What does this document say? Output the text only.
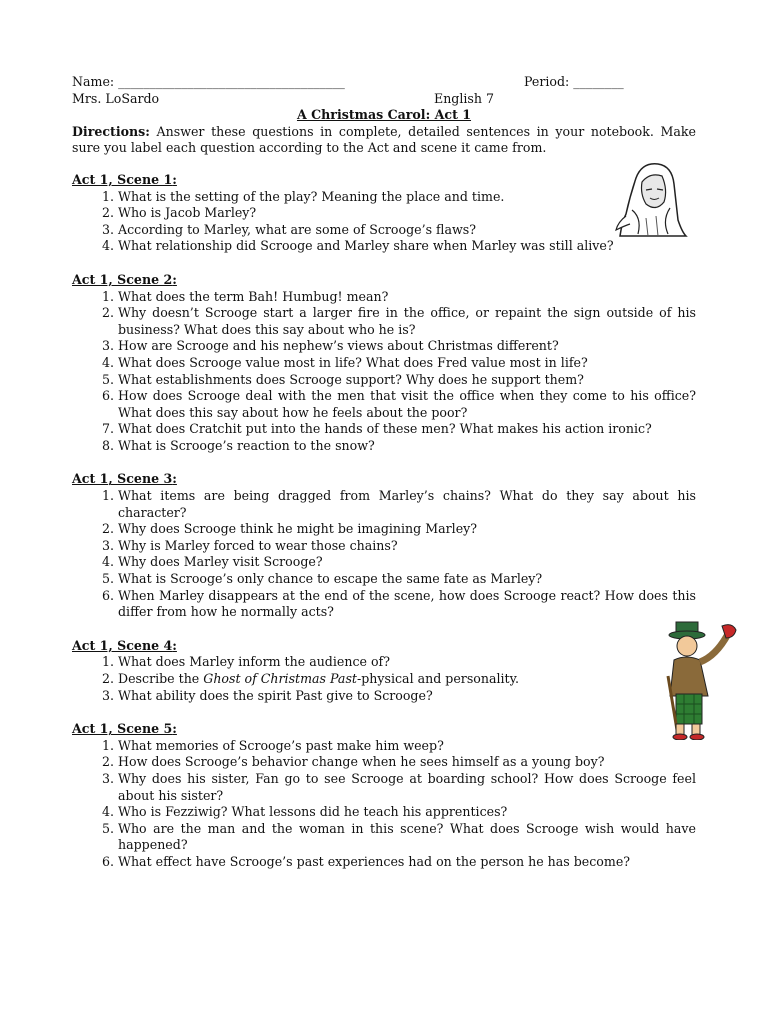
Name: ____________________________________	Period: ________
Mrs. LoSardo	English 7
A Christmas Carol: Act 1
Directions: Answer these questions in complete, detailed sentences in your notebook. Make sure you label each question according to the Act and scene it came from.
Act 1, Scene 1:
1. What is the setting of the play? Meaning the place and time.
2. Who is Jacob Marley?
3. According to Marley, what are some of Scrooge’s flaws?
4. What relationship did Scrooge and Marley share when Marley was still alive?
Act 1, Scene 2:
1. What does the term Bah! Humbug! mean?
2. Why doesn’t Scrooge start a larger fire in the office, or repaint the sign outside of his business? What does this say about who he is?
3. How are Scrooge and his nephew’s views about Christmas different?
4. What does Scrooge value most in life? What does Fred value most in life?
5. What establishments does Scrooge support? Why does he support them?
6. How does Scrooge deal with the men that visit the office when they come to his office? What does this say about how he feels about the poor?
7. What does Cratchit put into the hands of these men? What makes his action ironic?
8. What is Scrooge’s reaction to the snow?
Act 1, Scene 3:
1. What items are being dragged from Marley’s chains? What do they say about his character?
2. Why does Scrooge think he might be imagining Marley?
3. Why is Marley forced to wear those chains?
4. Why does Marley visit Scrooge?
5. What is Scrooge’s only chance to escape the same fate as Marley?
6. When Marley disappears at the end of the scene, how does Scrooge react? How does this differ from how he normally acts?
Act 1, Scene 4:
1. What does Marley inform the audience of?
2. Describe the Ghost of Christmas Past-physical and personality.
3. What ability does the spirit Past give to Scrooge?
Act 1, Scene 5:
1. What memories of Scrooge’s past make him weep?
2. How does Scrooge’s behavior change when he sees himself as a young boy?
3. Why does his sister, Fan go to see Scrooge at boarding school? How does Scrooge feel about his sister?
4. Who is Fezziwig? What lessons did he teach his apprentices?
5. Who are the man and the woman in this scene? What does Scrooge wish would have happened?
6. What effect have Scrooge’s past experiences had on the person he has become?
